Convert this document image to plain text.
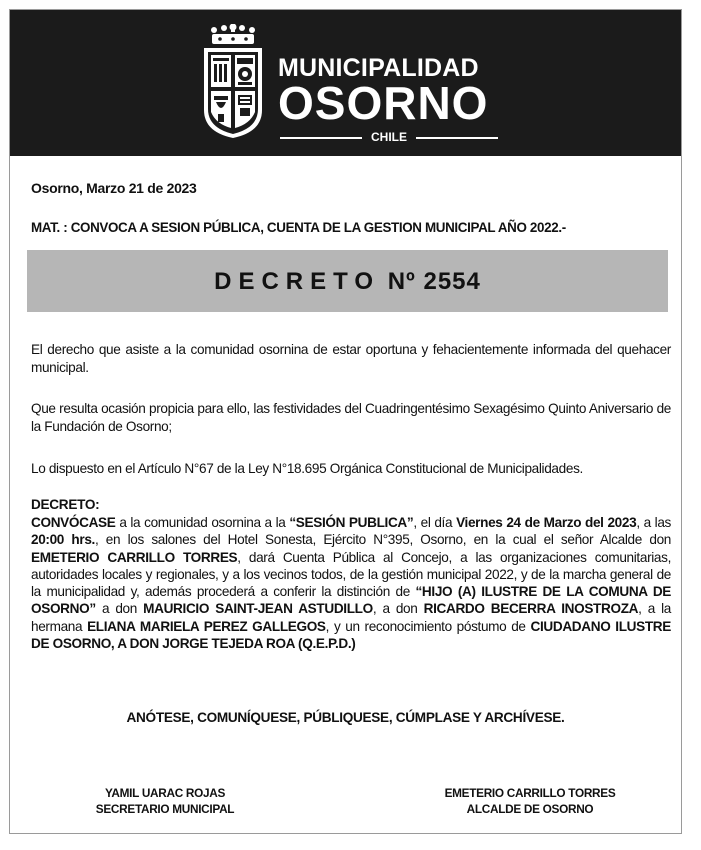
MUNICIPALIDAD
OSORNO
CHILE
Osorno, Marzo 21 de 2023
MAT. : CONVOCA A SESION PÚBLICA, CUENTA DE LA GESTION MUNICIPAL AÑO 2022.-
DECRETO Nº 2554
El derecho que asiste a la comunidad osornina de estar oportuna y fehacientemente informada del quehacer municipal.
Que resulta ocasión propicia para ello, las festividades del Cuadringentésimo Sexagésimo Quinto Aniversario de la Fundación de Osorno;
Lo dispuesto en el Artículo N°67 de la Ley N°18.695 Orgánica Constitucional de Municipalidades.
DECRETO:
CONVÓCASE a la comunidad osornina a la “SESIÓN PUBLICA”, el día Viernes 24 de Marzo del 2023, a las 20:00 hrs., en los salones del Hotel Sonesta, Ejército N°395, Osorno, en la cual el señor Alcalde don EMETERIO CARRILLO TORRES, dará Cuenta Pública al Concejo, a las organizaciones comunitarias, autoridades locales y regionales, y a los vecinos todos, de la gestión municipal 2022, y de la marcha general de la municipalidad y, además procederá a conferir la distinción de “HIJO (A) ILUSTRE DE LA COMUNA DE OSORNO” a don MAURICIO SAINT-JEAN ASTUDILLO, a don RICARDO BECERRA INOSTROZA, a la hermana ELIANA MARIELA PEREZ GALLEGOS, y un reconocimiento póstumo de CIUDADANO ILUSTRE DE OSORNO, A DON JORGE TEJEDA ROA (Q.E.P.D.)
ANÓTESE, COMUNÍQUESE, PÚBLIQUESE, CÚMPLASE Y ARCHÍVESE.
YAMIL UARAC ROJAS
SECRETARIO MUNICIPAL
EMETERIO CARRILLO TORRES
ALCALDE DE OSORNO
